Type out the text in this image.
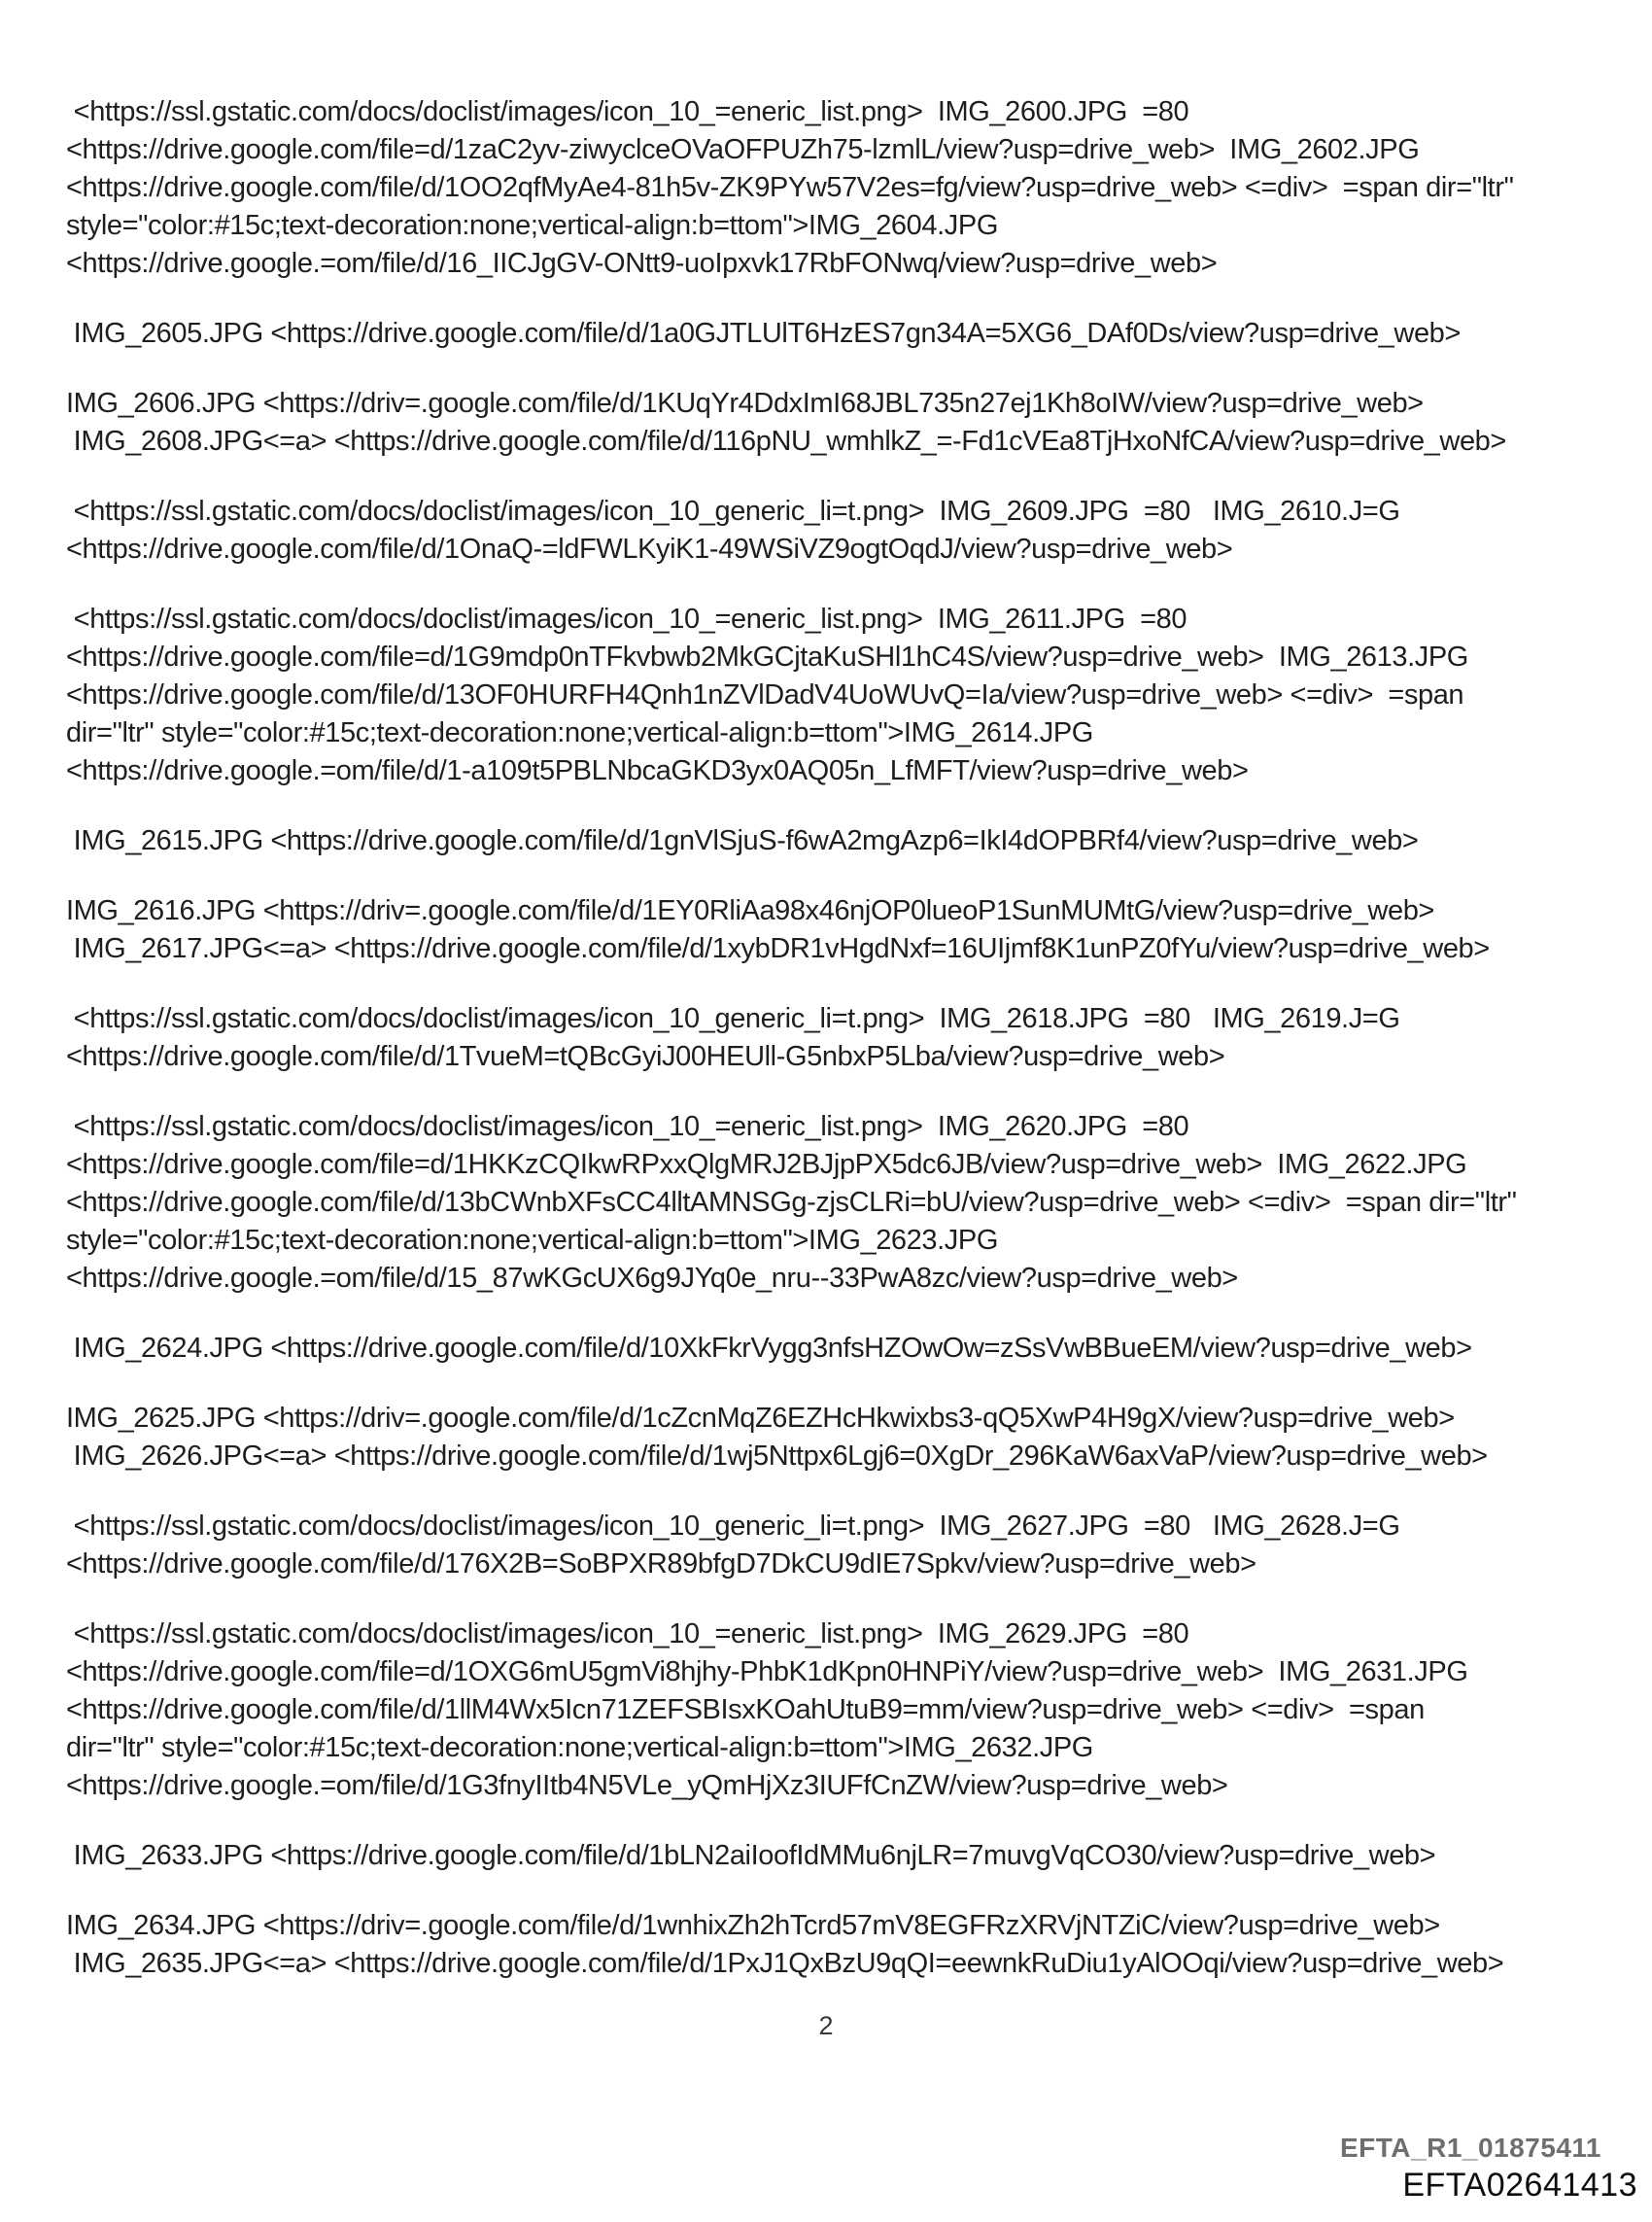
<https://ssl.gstatic.com/docs/doclist/images/icon_10_=eneric_list.png>  IMG_2600.JPG  =80
<https://drive.google.com/file=d/1zaC2yv-ziwyclceOVaOFPUZh75-lzmlL/view?usp=drive_web>  IMG_2602.JPG
<https://drive.google.com/file/d/1OO2qfMyAe4-81h5v-ZK9PYw57V2es=fg/view?usp=drive_web> <=div>  =span dir="ltr"
style="color:#15c;text-decoration:none;vertical-align:b=ttom">IMG_2604.JPG
<https://drive.google.=om/file/d/16_IICJgGV-ONtt9-uoIpxvk17RbFONwq/view?usp=drive_web>
IMG_2605.JPG <https://drive.google.com/file/d/1a0GJTLUlT6HzES7gn34A=5XG6_DAf0Ds/view?usp=drive_web>
IMG_2606.JPG <https://driv=.google.com/file/d/1KUqYr4DdxImI68JBL735n27ej1Kh8oIW/view?usp=drive_web>
IMG_2608.JPG<=a> <https://drive.google.com/file/d/116pNU_wmhlkZ_=-Fd1cVEa8TjHxoNfCA/view?usp=drive_web>
<https://ssl.gstatic.com/docs/doclist/images/icon_10_generic_li=t.png>  IMG_2609.JPG  =80   IMG_2610.J=G
<https://drive.google.com/file/d/1OnaQ-=ldFWLKyiK1-49WSiVZ9ogtOqdJ/view?usp=drive_web>
<https://ssl.gstatic.com/docs/doclist/images/icon_10_=eneric_list.png>  IMG_2611.JPG  =80
<https://drive.google.com/file=d/1G9mdp0nTFkvbwb2MkGCjtaKuSHl1hC4S/view?usp=drive_web>  IMG_2613.JPG
<https://drive.google.com/file/d/13OF0HURFH4Qnh1nZVlDadV4UoWUvQ=Ia/view?usp=drive_web> <=div>  =span
dir="ltr" style="color:#15c;text-decoration:none;vertical-align:b=ttom">IMG_2614.JPG
<https://drive.google.=om/file/d/1-a109t5PBLNbcaGKD3yx0AQ05n_LfMFT/view?usp=drive_web>
IMG_2615.JPG <https://drive.google.com/file/d/1gnVlSjuS-f6wA2mgAzp6=IkI4dOPBRf4/view?usp=drive_web>
IMG_2616.JPG <https://driv=.google.com/file/d/1EY0RliAa98x46njOP0lueoP1SunMUMtG/view?usp=drive_web>
IMG_2617.JPG<=a> <https://drive.google.com/file/d/1xybDR1vHgdNxf=16UIjmf8K1unPZ0fYu/view?usp=drive_web>
<https://ssl.gstatic.com/docs/doclist/images/icon_10_generic_li=t.png>  IMG_2618.JPG  =80   IMG_2619.J=G
<https://drive.google.com/file/d/1TvueM=tQBcGyiJ00HEUll-G5nbxP5Lba/view?usp=drive_web>
<https://ssl.gstatic.com/docs/doclist/images/icon_10_=eneric_list.png>  IMG_2620.JPG  =80
<https://drive.google.com/file=d/1HKKzCQIkwRPxxQlgMRJ2BJjpPX5dc6JB/view?usp=drive_web>  IMG_2622.JPG
<https://drive.google.com/file/d/13bCWnbXFsCC4lltAMNSGg-zjsCLRi=bU/view?usp=drive_web> <=div>  =span dir="ltr"
style="color:#15c;text-decoration:none;vertical-align:b=ttom">IMG_2623.JPG
<https://drive.google.=om/file/d/15_87wKGcUX6g9JYq0e_nru--33PwA8zc/view?usp=drive_web>
IMG_2624.JPG <https://drive.google.com/file/d/10XkFkrVygg3nfsHZOwOw=zSsVwBBueEM/view?usp=drive_web>
IMG_2625.JPG <https://driv=.google.com/file/d/1cZcnMqZ6EZHcHkwixbs3-qQ5XwP4H9gX/view?usp=drive_web>
IMG_2626.JPG<=a> <https://drive.google.com/file/d/1wj5Nttpx6Lgj6=0XgDr_296KaW6axVaP/view?usp=drive_web>
<https://ssl.gstatic.com/docs/doclist/images/icon_10_generic_li=t.png>  IMG_2627.JPG  =80   IMG_2628.J=G
<https://drive.google.com/file/d/176X2B=SoBPXR89bfgD7DkCU9dIE7Spkv/view?usp=drive_web>
<https://ssl.gstatic.com/docs/doclist/images/icon_10_=eneric_list.png>  IMG_2629.JPG  =80
<https://drive.google.com/file=d/1OXG6mU5gmVi8hjhy-PhbK1dKpn0HNPiY/view?usp=drive_web>  IMG_2631.JPG
<https://drive.google.com/file/d/1llM4Wx5Icn71ZEFSBIsxKOahUtuB9=mm/view?usp=drive_web> <=div>  =span
dir="ltr" style="color:#15c;text-decoration:none;vertical-align:b=ttom">IMG_2632.JPG
<https://drive.google.=om/file/d/1G3fnyIItb4N5VLe_yQmHjXz3IUFfCnZW/view?usp=drive_web>
IMG_2633.JPG <https://drive.google.com/file/d/1bLN2aiIoofIdMMu6njLR=7muvgVqCO30/view?usp=drive_web>
IMG_2634.JPG <https://driv=.google.com/file/d/1wnhixZh2hTcrd57mV8EGFRzXRVjNTZiC/view?usp=drive_web>
IMG_2635.JPG<=a> <https://drive.google.com/file/d/1PxJ1QxBzU9qQI=eewnkRuDiu1yAlOOqi/view?usp=drive_web>
2
EFTA_R1_01875411
EFTA02641413
